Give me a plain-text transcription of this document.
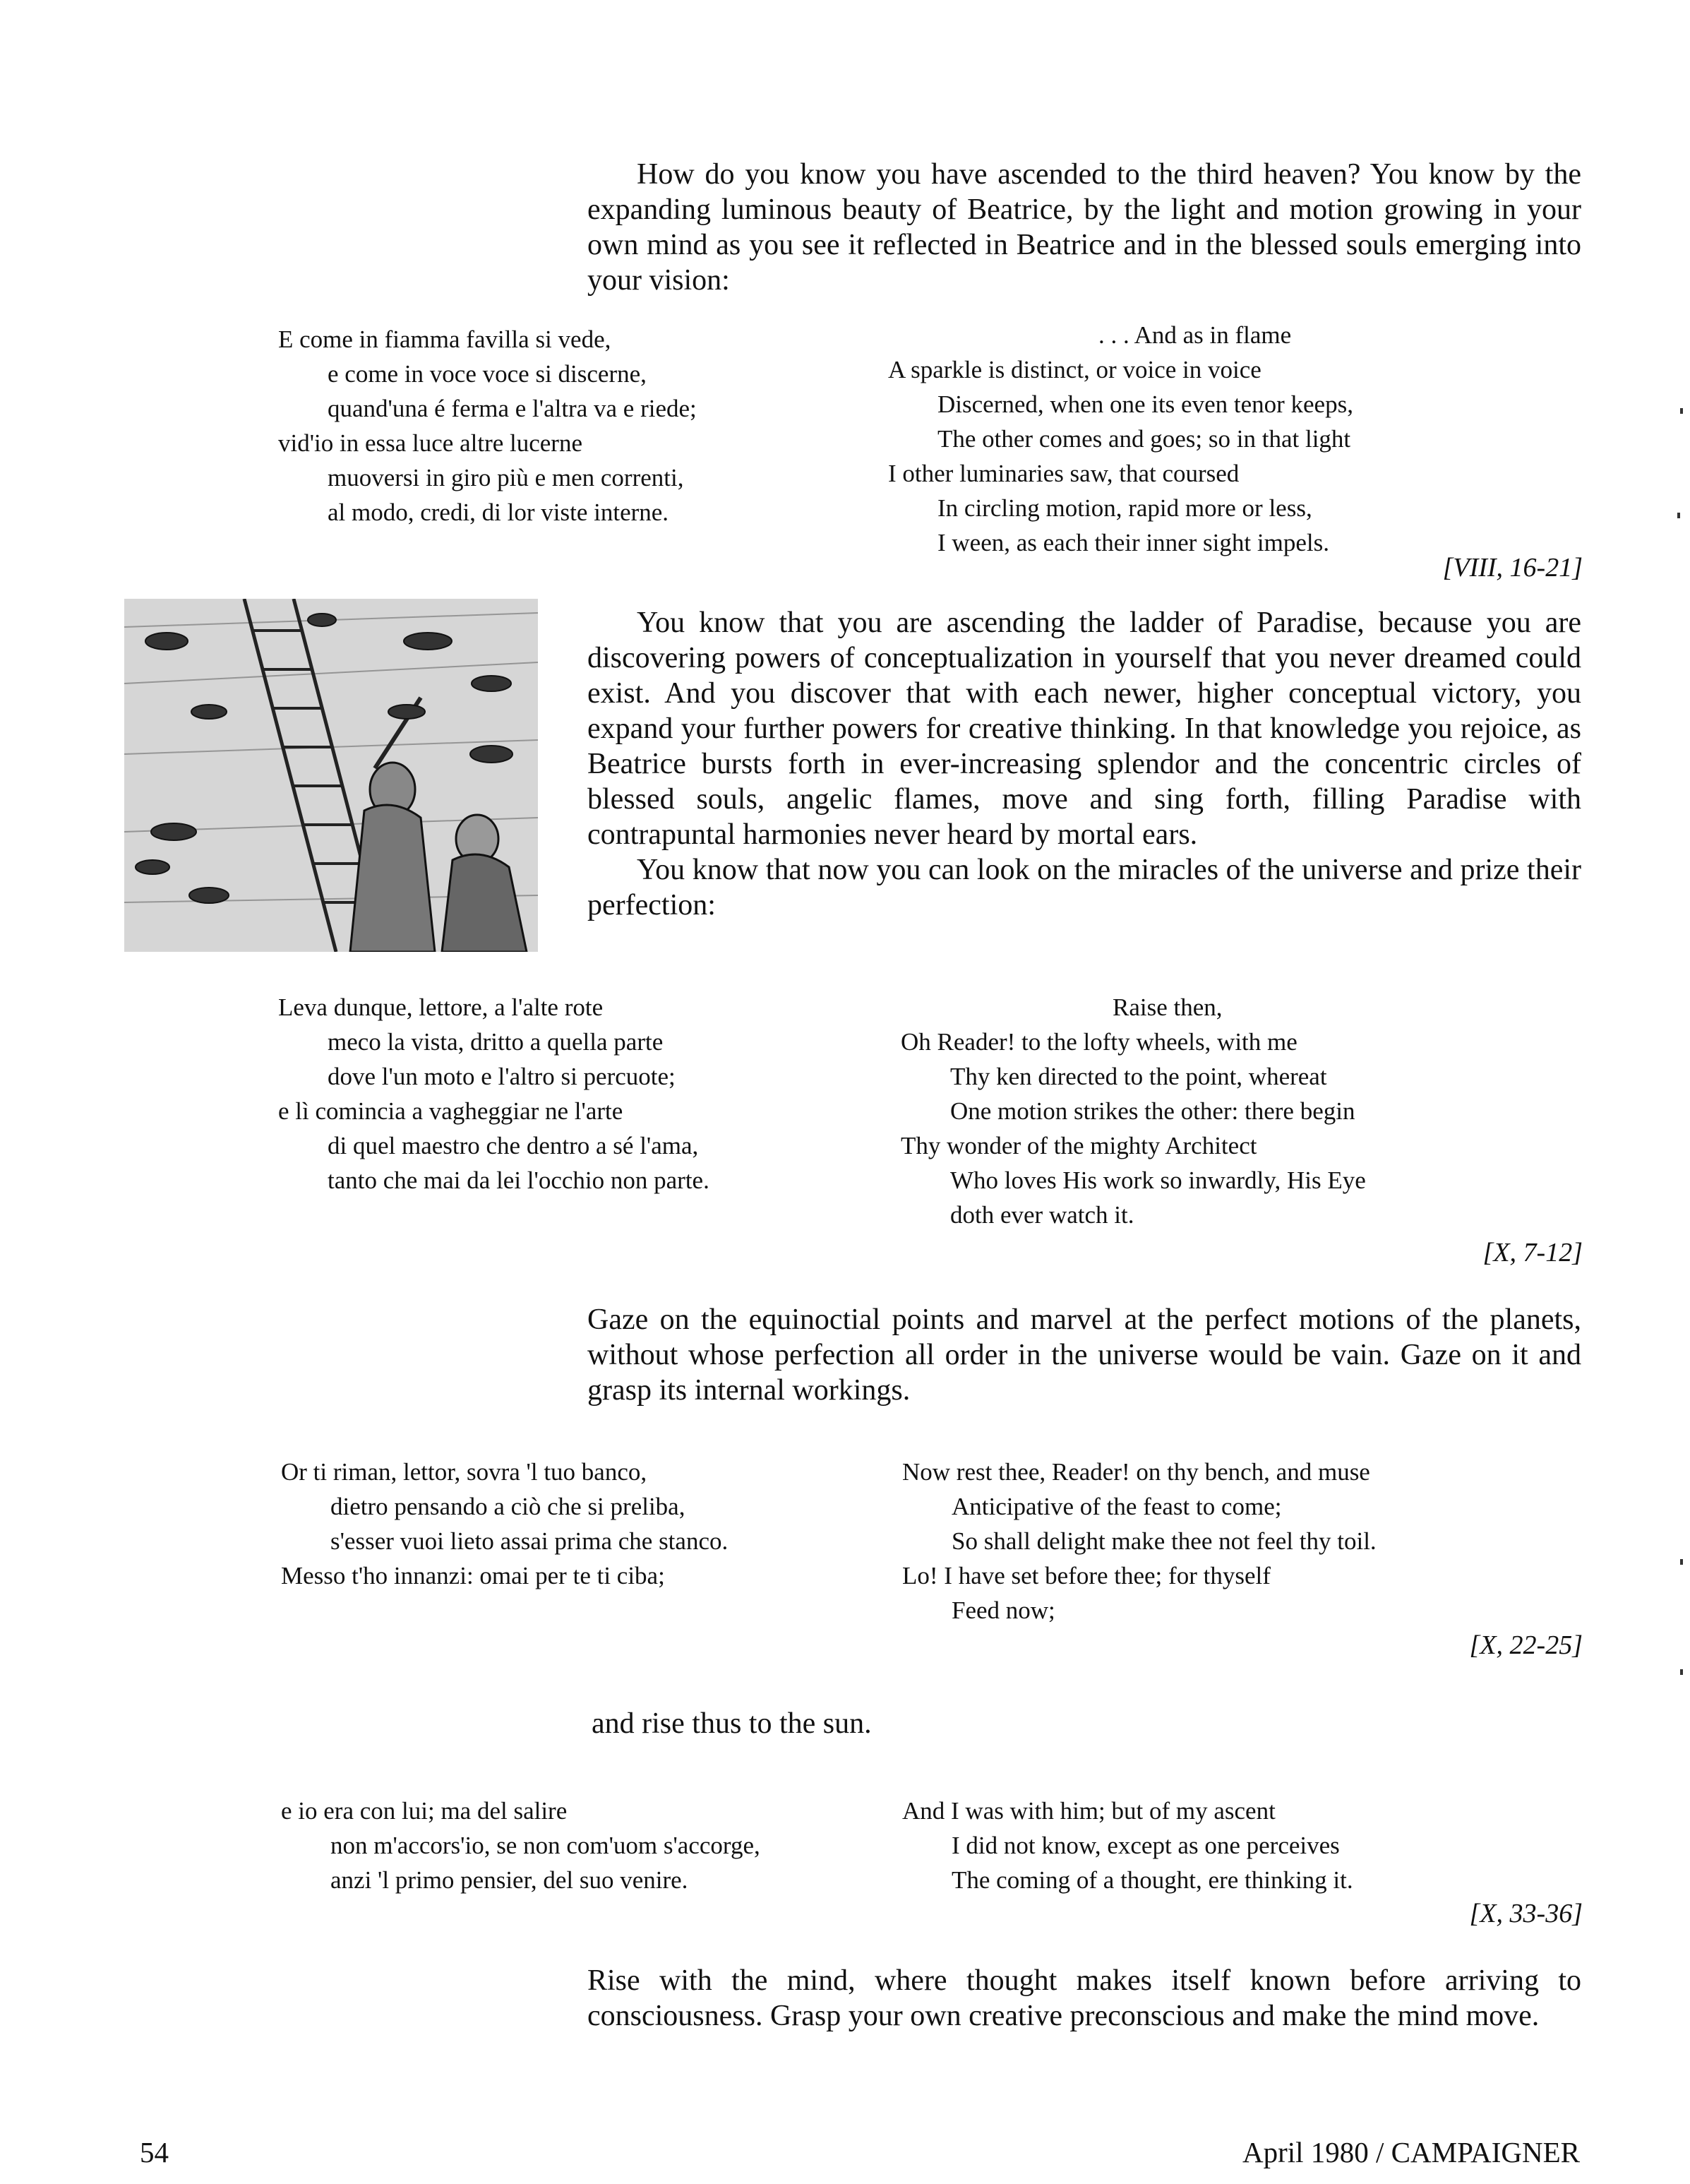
How do you know you have ascended to the third heaven? You know by the expanding luminous beauty of Beatrice, by the light and motion growing in your own mind as you see it reflected in Beatrice and in the blessed souls emerging into your vision:

E come in fiamma favilla si vede,
e come in voce voce si discerne,
quand'una é ferma e l'altra va e riede;
vid'io in essa luce altre lucerne
muoversi in giro più e men correnti,
al modo, credi, di lor viste interne.
. . . And as in flame
A sparkle is distinct, or voice in voice
Discerned, when one its even tenor keeps,
The other comes and goes; so in that light
I other luminaries saw, that coursed
In circling motion, rapid more or less,
I ween, as each their inner sight impels.
[VIII, 16-21]

You know that you are ascending the ladder of Paradise, because you are discovering powers of conceptualization in yourself that you never dreamed could exist. And you discover that with each newer, higher conceptual victory, you expand your further powers for creative thinking. In that knowledge you rejoice, as Beatrice bursts forth in ever-increasing splendor and the concentric circles of blessed souls, angelic flames, move and sing forth, filling Paradise with contrapuntal harmonies never heard by mortal ears.

You know that now you can look on the miracles of the universe and prize their perfection:

Leva dunque, lettore, a l'alte rote
meco la vista, dritto a quella parte
dove l'un moto e l'altro si percuote;
e lì comincia a vagheggiar ne l'arte
di quel maestro che dentro a sé l'ama,
tanto che mai da lei l'occhio non parte.
Raise then,
Oh Reader! to the lofty wheels, with me
Thy ken directed to the point, whereat
One motion strikes the other: there begin
Thy wonder of the mighty Architect
Who loves His work so inwardly, His Eye
doth ever watch it.
[X, 7-12]

Gaze on the equinoctial points and marvel at the perfect motions of the planets, without whose perfection all order in the universe would be vain. Gaze on it and grasp its internal workings.

Or ti riman, lettor, sovra 'l tuo banco,
dietro pensando a ciò che si preliba,
s'esser vuoi lieto assai prima che stanco.
Messo t'ho innanzi: omai per te ti ciba;
Now rest thee, Reader! on thy bench, and muse
Anticipative of the feast to come;
So shall delight make thee not feel thy toil.
Lo! I have set before thee; for thyself
Feed now;
[X, 22-25]

and rise thus to the sun.

e io era con lui; ma del salire
non m'accors'io, se non com'uom s'accorge,
anzi 'l primo pensier, del suo venire.
And I was with him; but of my ascent
I did not know, except as one perceives
The coming of a thought, ere thinking it.
[X, 33-36]

Rise with the mind, where thought makes itself known before arriving to consciousness. Grasp your own creative preconscious and make the mind move.

54	April 1980 / CAMPAIGNER
